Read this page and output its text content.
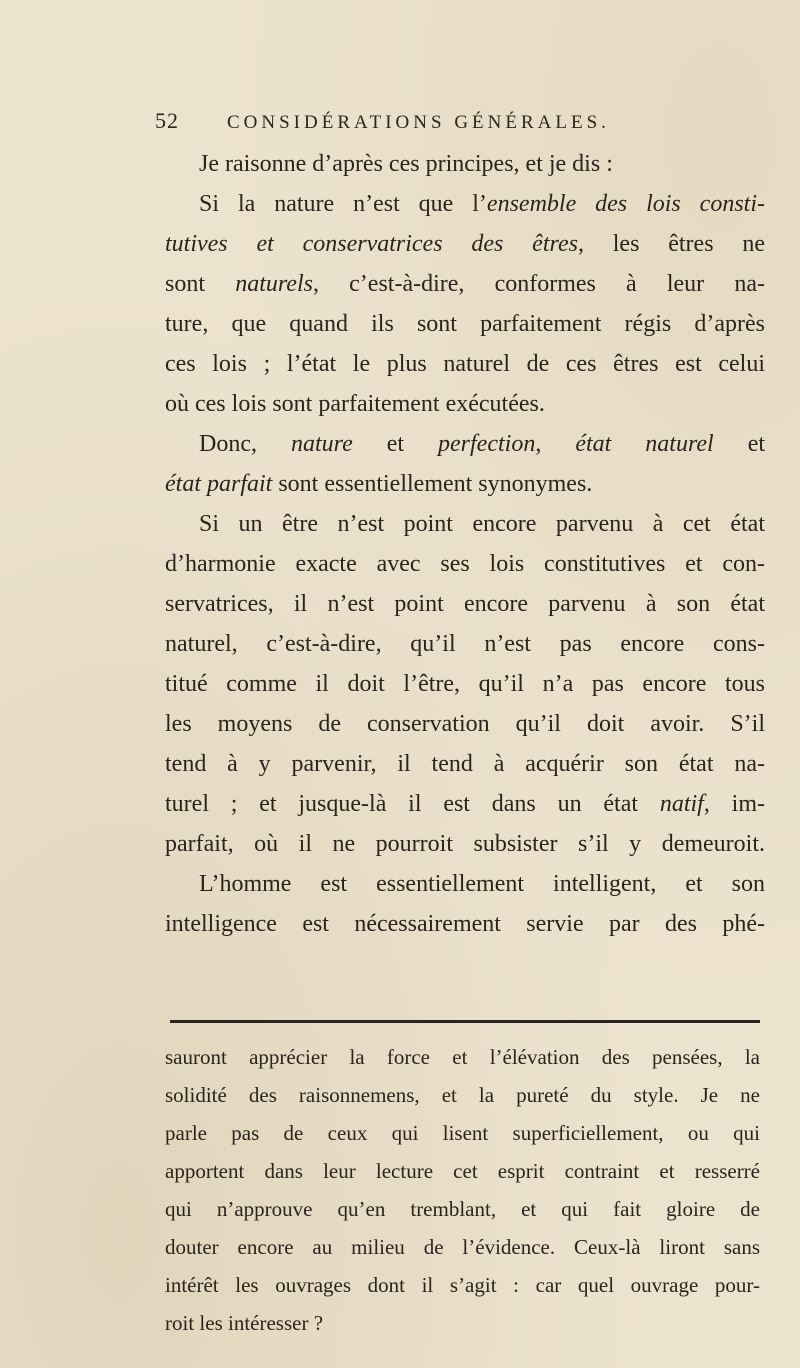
52	CONSIDÉRATIONS GÉNÉRALES.
Je raisonne d’après ces principes, et je dis :
Si la nature n’est que l’ensemble des lois consti-
tutives et conservatrices des êtres, les êtres ne
sont naturels, c’est-à-dire, conformes à leur na-
ture, que quand ils sont parfaitement régis d’après
ces lois ; l’état le plus naturel de ces êtres est celui
où ces lois sont parfaitement exécutées.
Donc, nature et perfection, état naturel et
état parfait sont essentiellement synonymes.
Si un être n’est point encore parvenu à cet état
d’harmonie exacte avec ses lois constitutives et con-
servatrices, il n’est point encore parvenu à son état
naturel, c’est-à-dire, qu’il n’est pas encore cons-
titué comme il doit l’être, qu’il n’a pas encore tous
les moyens de conservation qu’il doit avoir. S’il
tend à y parvenir, il tend à acquérir son état na-
turel ; et jusque-là il est dans un état natif, im-
parfait, où il ne pourroit subsister s’il y demeuroit.
L’homme est essentiellement intelligent, et son
intelligence est nécessairement servie par des phé-
sauront apprécier la force et l’élévation des pensées, la
solidité des raisonnemens, et la pureté du style. Je ne
parle pas de ceux qui lisent superficiellement, ou qui
apportent dans leur lecture cet esprit contraint et resserré
qui n’approuve qu’en tremblant, et qui fait gloire de
douter encore au milieu de l’évidence. Ceux-là liront sans
intérêt les ouvrages dont il s’agit : car quel ouvrage pour-
roit les intéresser ?
